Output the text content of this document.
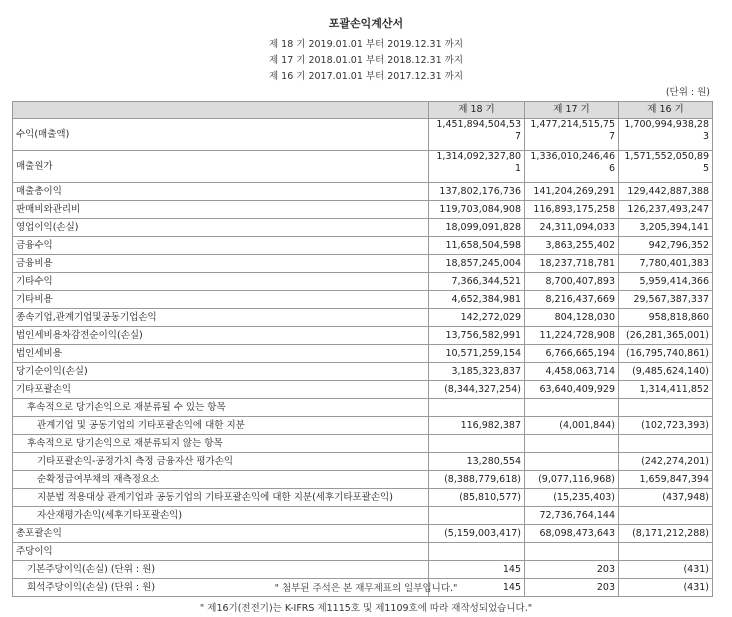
포괄손익계산서
제 18 기 2019.01.01 부터 2019.12.31 까지
제 17 기 2018.01.01 부터 2018.12.31 까지
제 16 기 2017.01.01 부터 2017.12.31 까지
(단위 : 원)
	제 18 기	제 17 기	제 16 기
수익(매출액)	1,451,894,504,537	1,477,214,515,757	1,700,994,938,283
매출원가	1,314,092,327,801	1,336,010,246,466	1,571,552,050,895
매출총이익	137,802,176,736	141,204,269,291	129,442,887,388
판매비와관리비	119,703,084,908	116,893,175,258	126,237,493,247
영업이익(손실)	18,099,091,828	24,311,094,033	3,205,394,141
금융수익	11,658,504,598	3,863,255,402	942,796,352
금융비용	18,857,245,004	18,237,718,781	7,780,401,383
기타수익	7,366,344,521	8,700,407,893	5,959,414,366
기타비용	4,652,384,981	8,216,437,669	29,567,387,337
종속기업,관계기업및공동기업손익	142,272,029	804,128,030	958,818,860
법인세비용차감전순이익(손실)	13,756,582,991	11,224,728,908	(26,281,365,001)
법인세비용	10,571,259,154	6,766,665,194	(16,795,740,861)
당기순이익(손실)	3,185,323,837	4,458,063,714	(9,485,624,140)
기타포괄손익	(8,344,327,254)	63,640,409,929	1,314,411,852
후속적으로 당기손익으로 재분류될 수 있는 항목			
관계기업 및 공동기업의 기타포괄손익에 대한 지분	116,982,387	(4,001,844)	(102,723,393)
후속적으로 당기손익으로 재분류되지 않는 항목			
기타포괄손익-공정가치 측정 금융자산 평가손익	13,280,554		(242,274,201)
순확정급여부채의 재측정요소	(8,388,779,618)	(9,077,116,968)	1,659,847,394
지분법 적용대상 관계기업과 공동기업의 기타포괄손익에 대한 지분(세후기타포괄손익)	(85,810,577)	(15,235,403)	(437,948)
자산재평가손익(세후기타포괄손익)		72,736,764,144	
총포괄손익	(5,159,003,417)	68,098,473,643	(8,171,212,288)
주당이익			
기본주당이익(손실) (단위 : 원)	145	203	(431)
희석주당이익(손실) (단위 : 원)	145	203	(431)
" 첨부된 주석은 본 재무제표의 일부입니다."
" 제16기(전전기)는 K-IFRS 제1115호 및 제1109호에 따라 재작성되었습니다."
